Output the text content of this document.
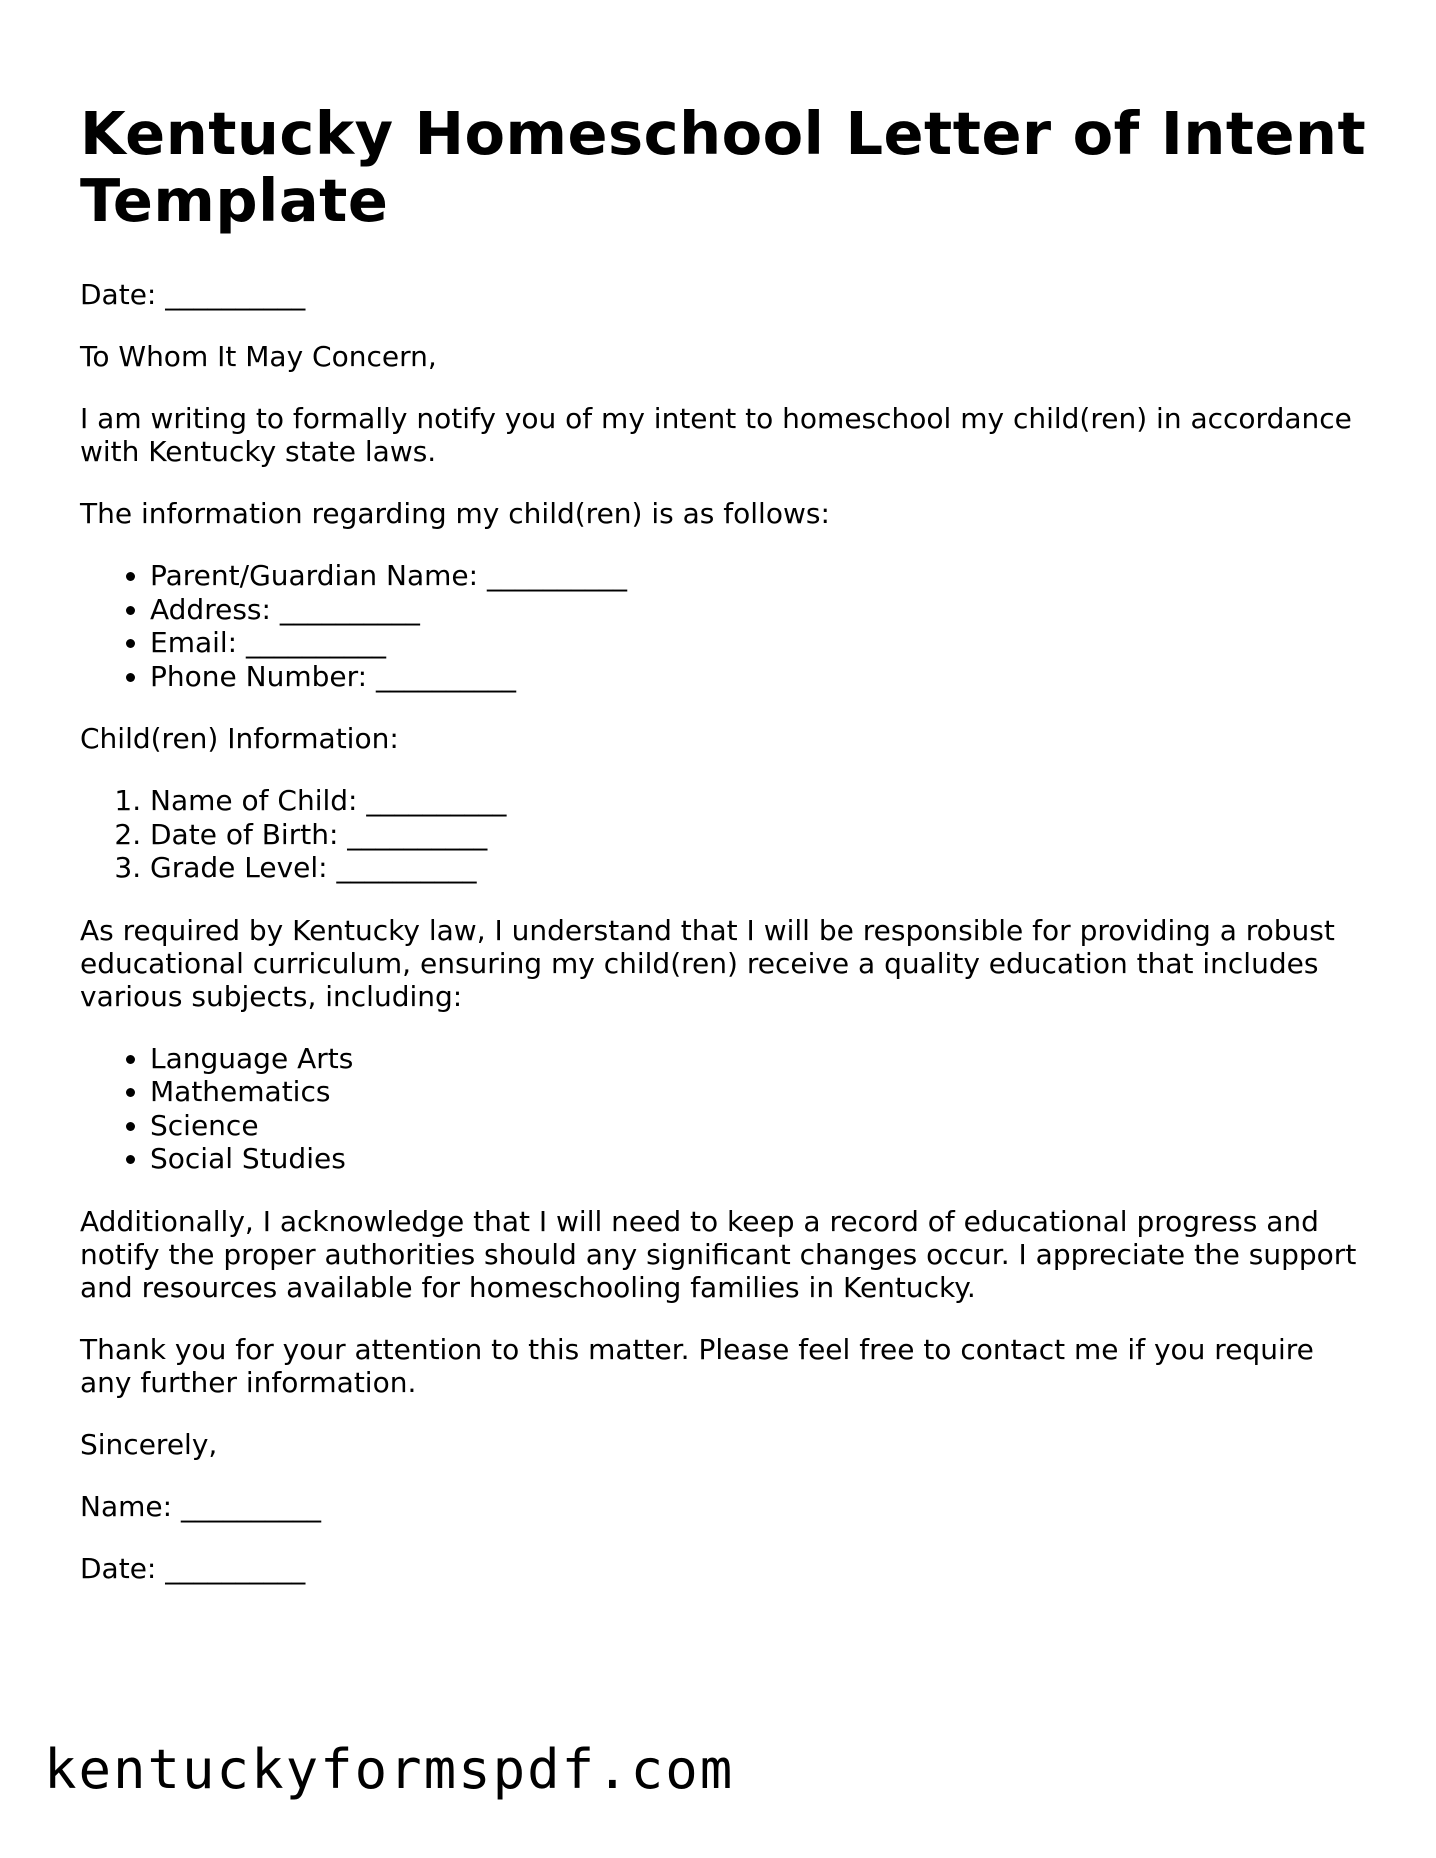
Kentucky Homeschool Letter of Intent Template

Date: __________

To Whom It May Concern,

I am writing to formally notify you of my intent to homeschool my child(ren) in accordance with Kentucky state laws.

The information regarding my child(ren) is as follows:

• Parent/Guardian Name: __________
• Address: __________
• Email: __________
• Phone Number: __________

Child(ren) Information:

1. Name of Child: __________
2. Date of Birth: __________
3. Grade Level: __________

As required by Kentucky law, I understand that I will be responsible for providing a robust educational curriculum, ensuring my child(ren) receive a quality education that includes various subjects, including:

• Language Arts
• Mathematics
• Science
• Social Studies

Additionally, I acknowledge that I will need to keep a record of educational progress and notify the proper authorities should any significant changes occur. I appreciate the support and resources available for homeschooling families in Kentucky.

Thank you for your attention to this matter. Please feel free to contact me if you require any further information.

Sincerely,

Name: __________

Date: __________

kentuckyformspdf.com
